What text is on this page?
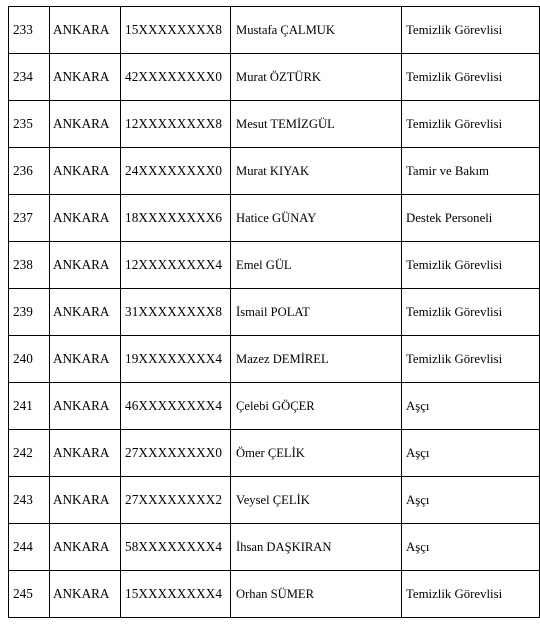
233	ANKARA	15XXXXXXXX8	Mustafa ÇALMUK	Temizlik Görevlisi
234	ANKARA	42XXXXXXXX0	Murat ÖZTÜRK	Temizlik Görevlisi
235	ANKARA	12XXXXXXXX8	Mesut TEMİZGÜL	Temizlik Görevlisi
236	ANKARA	24XXXXXXXX0	Murat KIYAK	Tamir ve Bakım
237	ANKARA	18XXXXXXXX6	Hatice GÜNAY	Destek Personeli
238	ANKARA	12XXXXXXXX4	Emel GÜL	Temizlik Görevlisi
239	ANKARA	31XXXXXXXX8	İsmail POLAT	Temizlik Görevlisi
240	ANKARA	19XXXXXXXX4	Mazez DEMİREL	Temizlik Görevlisi
241	ANKARA	46XXXXXXXX4	Çelebi GÖÇER	Aşçı
242	ANKARA	27XXXXXXXX0	Ömer ÇELİK	Aşçı
243	ANKARA	27XXXXXXXX2	Veysel ÇELİK	Aşçı
244	ANKARA	58XXXXXXXX4	İhsan DAŞKIRAN	Aşçı
245	ANKARA	15XXXXXXXX4	Orhan SÜMER	Temizlik Görevlisi
